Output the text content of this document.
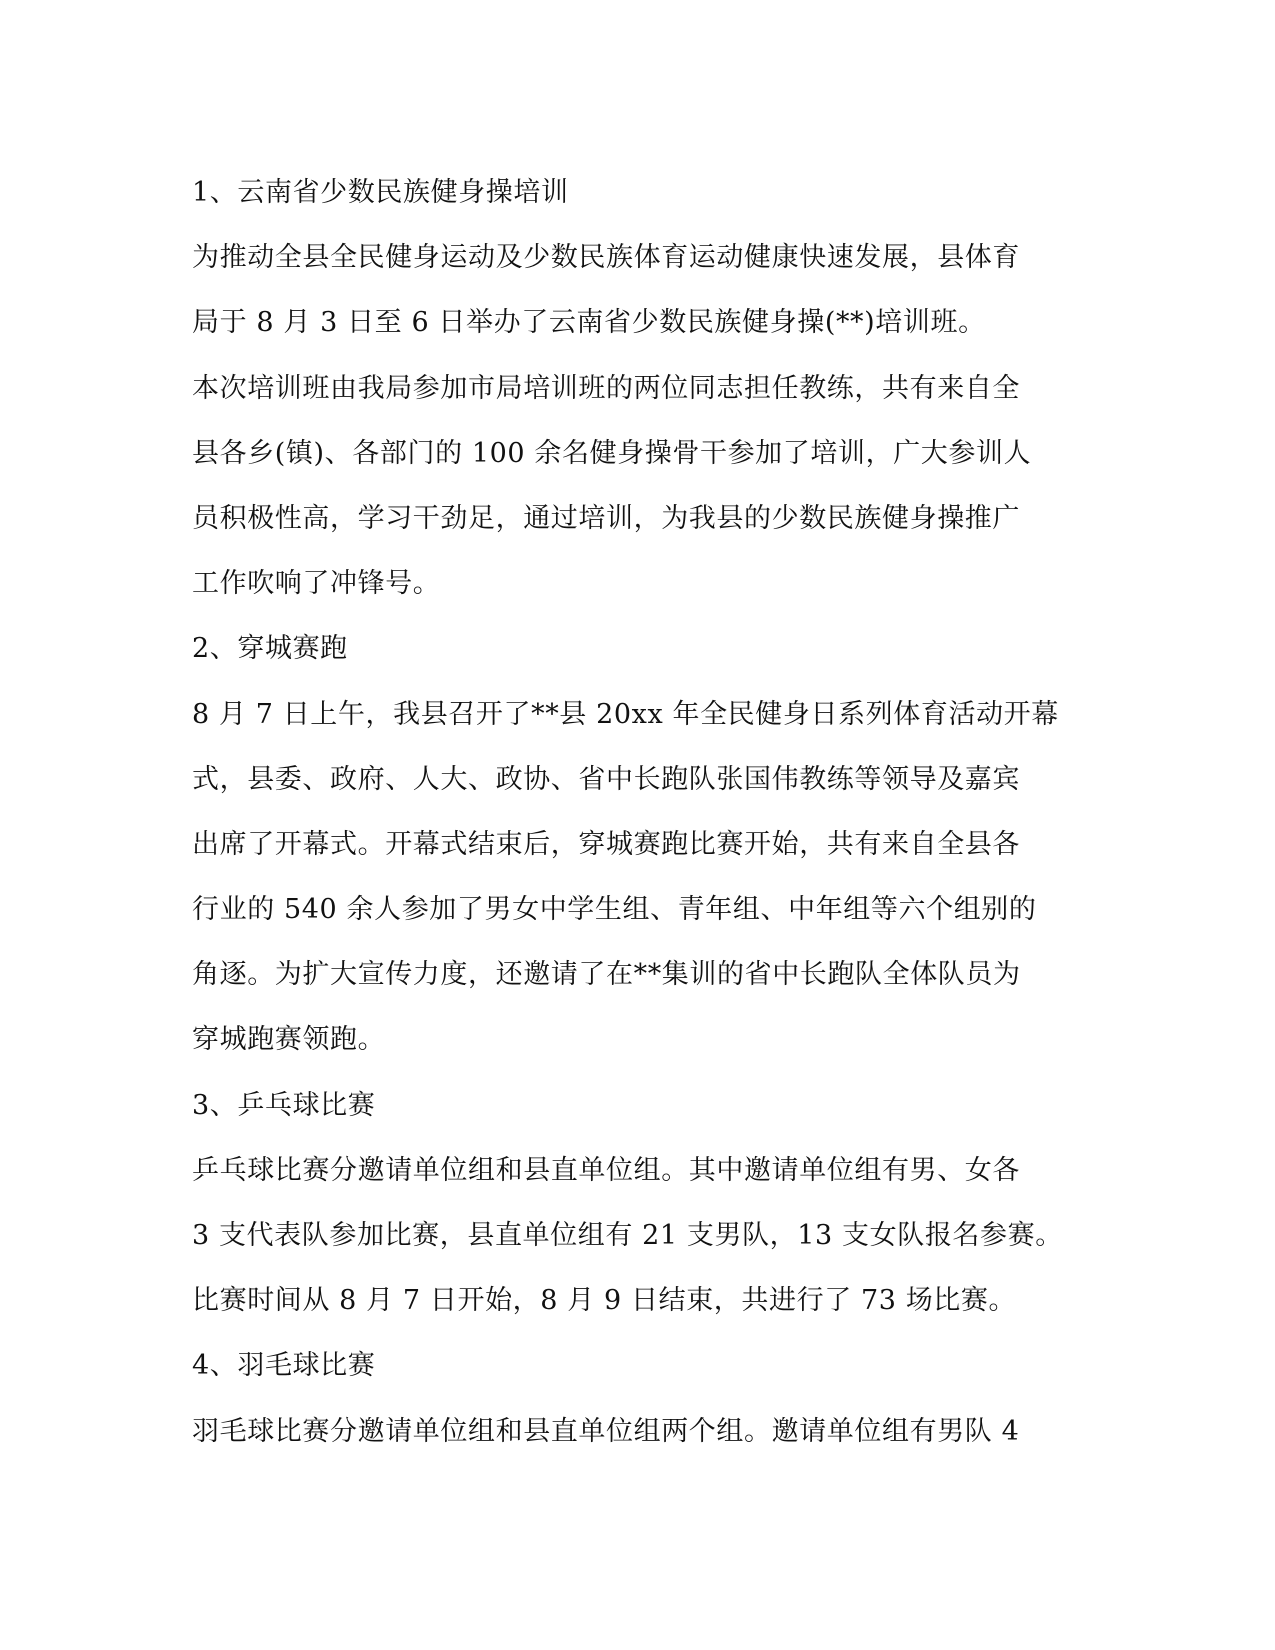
1、云南省少数民族健身操培训
为推动全县全民健身运动及少数民族体育运动健康快速发展，县体育
局于 8 月 3 日至 6 日举办了云南省少数民族健身操(**)培训班。
本次培训班由我局参加市局培训班的两位同志担任教练，共有来自全
县各乡(镇)、各部门的 100 余名健身操骨干参加了培训，广大参训人
员积极性高，学习干劲足，通过培训，为我县的少数民族健身操推广
工作吹响了冲锋号。
2、穿城赛跑
8 月 7 日上午，我县召开了**县 20xx 年全民健身日系列体育活动开幕
式，县委、政府、人大、政协、省中长跑队张国伟教练等领导及嘉宾
出席了开幕式。开幕式结束后，穿城赛跑比赛开始，共有来自全县各
行业的 540 余人参加了男女中学生组、青年组、中年组等六个组别的
角逐。为扩大宣传力度，还邀请了在**集训的省中长跑队全体队员为
穿城跑赛领跑。
3、乒乓球比赛
乒乓球比赛分邀请单位组和县直单位组。其中邀请单位组有男、女各
3 支代表队参加比赛，县直单位组有 21 支男队，13 支女队报名参赛。
比赛时间从 8 月 7 日开始，8 月 9 日结束，共进行了 73 场比赛。
4、羽毛球比赛
羽毛球比赛分邀请单位组和县直单位组两个组。邀请单位组有男队 4
